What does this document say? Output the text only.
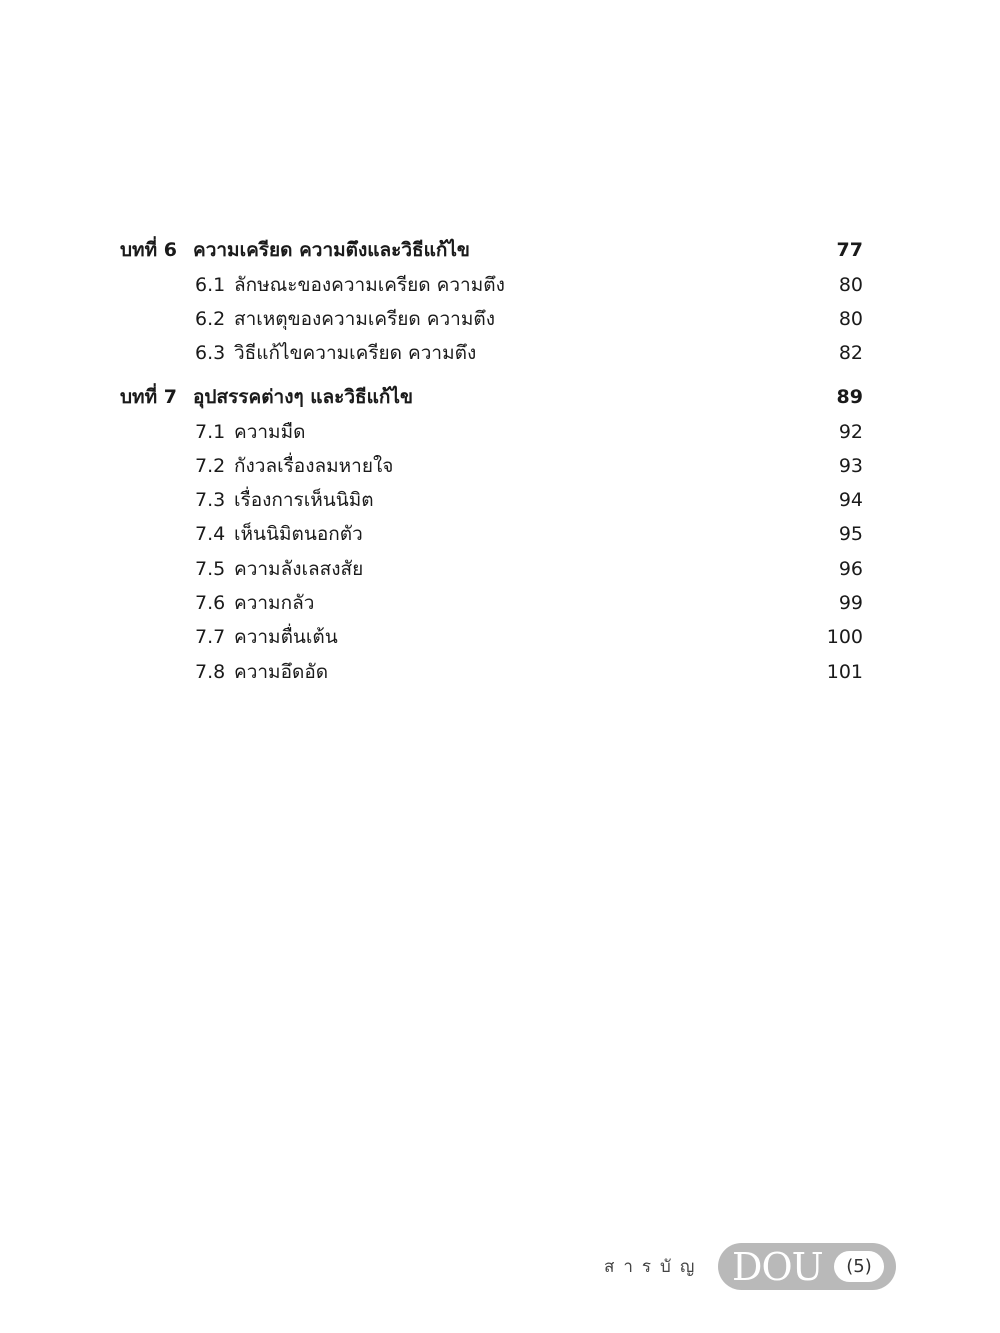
บทที่ 6 ความเครียด ความตึงและวิธีแก้ไข	77
6.1 ลักษณะของความเครียด ความตึง	80
6.2 สาเหตุของความเครียด ความตึง	80
6.3 วิธีแก้ไขความเครียด ความตึง	82
บทที่ 7 อุปสรรคต่างๆ และวิธีแก้ไข	89
7.1 ความมืด	92
7.2 กังวลเรื่องลมหายใจ	93
7.3 เรื่องการเห็นนิมิต	94
7.4 เห็นนิมิตนอกตัว	95
7.5 ความลังเลสงสัย	96
7.6 ความกลัว	99
7.7 ความตื่นเต้น	100
7.8 ความอึดอัด	101
สารบัญ DOU	(5)
